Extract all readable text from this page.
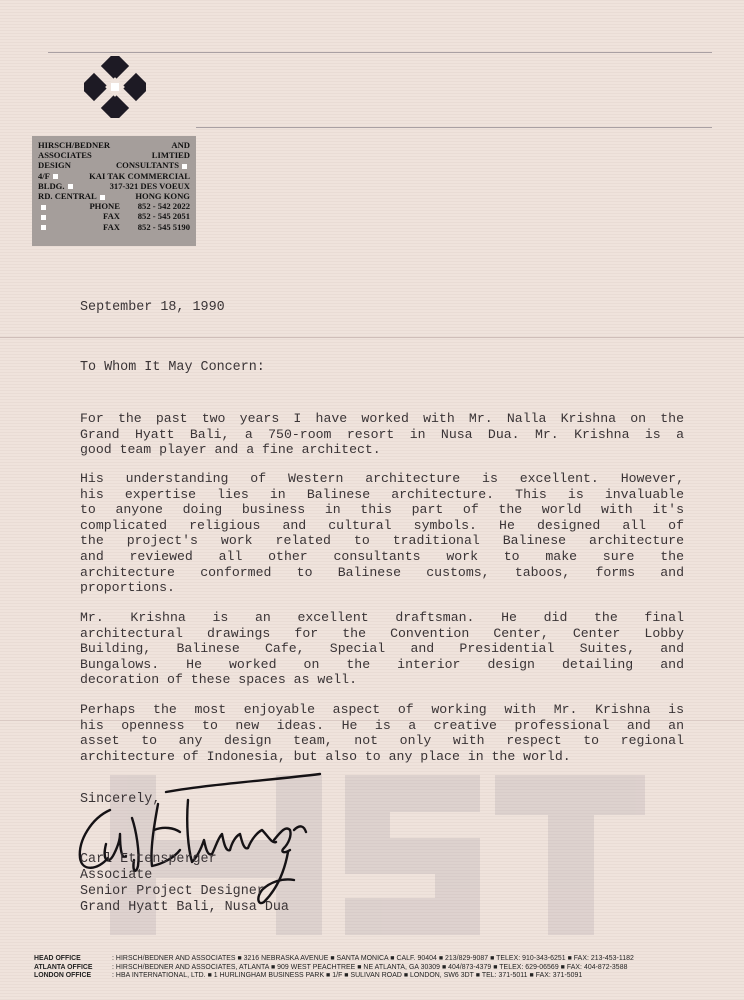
HIRSCH/BEDNER	AND
ASSOCIATES	LIMTIED
DESIGN	CONSULTANTS
4/F	KAI TAK COMMERCIAL
BLDG.	317-321 DES VOEUX
RD. CENTRAL	HONG KONG
PHONE	852 - 542 2022
FAX	852 - 545 2051
FAX	852 - 545 5190
September 18, 1990
To Whom It May Concern:
For the past two years I have worked with Mr. Nalla Krishna on the
Grand Hyatt Bali, a 750-room resort in Nusa Dua. Mr. Krishna is a
good team player and a fine architect.
His understanding of Western architecture is excellent. However,
his expertise lies in Balinese architecture. This is invaluable
to anyone doing business in this part of the world with it's
complicated religious and cultural symbols. He designed all of
the project's work related to traditional Balinese architecture
and reviewed all other consultants work to make sure the
architecture conformed to Balinese customs, taboos, forms and
proportions.
Mr. Krishna is an excellent draftsman. He did the final
architectural drawings for the Convention Center, Center Lobby
Building, Balinese Cafe, Special and Presidential Suites, and
Bungalows. He worked on the interior design detailing and
decoration of these spaces as well.
Perhaps the most enjoyable aspect of working with Mr. Krishna is
his openness to new ideas. He is a creative professional and an
asset to any design team, not only with respect to regional
architecture of Indonesia, but also to any place in the world.
Sincerely,
Carl Ettensperger
Associate
Senior Project Designer
Grand Hyatt Bali, Nusa Dua
HEAD OFFICE	: HIRSCH/BEDNER AND ASSOCIATES ■ 3216 NEBRASKA AVENUE ■ SANTA MONICA ■ CALF. 90404 ■ 213/829-9087 ■ TELEX: 910-343-6251 ■ FAX: 213-453-1182
ATLANTA OFFICE	: HIRSCH/BEDNER AND ASSOCIATES, ATLANTA ■ 909 WEST PEACHTREE ■ NE ATLANTA, GA 30309 ■ 404/873-4379 ■ TELEX: 629-06569 ■ FAX: 404-872-3588
LONDON OFFICE	: HBA INTERNATIONAL, LTD. ■ 1 HURLINGHAM BUSINESS PARK ■ 1/F ■ SULIVAN ROAD ■ LONDON, SW6 3DT ■ TEL: 371-5011 ■ FAX: 371-5091
